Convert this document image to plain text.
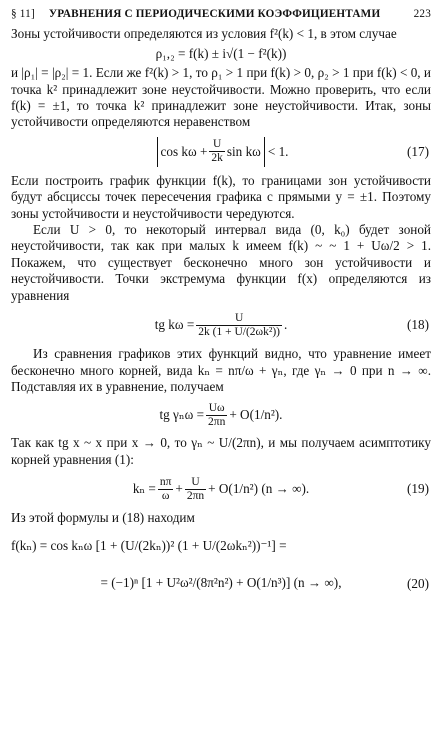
§ 11]	УРАВНЕНИЯ С ПЕРИОДИЧЕСКИМИ КОЭФФИЦИЕНТАМИ	223

Зоны устойчивости определяются из условия f²(k) < 1, в этом случае

ρ₁,₂ = f(k) ± i√(1 − f²(k))

и |ρ₁| = |ρ₂| = 1. Если же f²(k) > 1, то ρ₁ > 1 при f(k) > 0, ρ₂ > 1 при f(k) < 0, и точка k² принадлежит зоне неустойчивости. Можно проверить, что если f(k) = ±1, то точка k² принадлежит зоне неустойчивости. Итак, зоны устойчивости определяются неравенством

$\cos k\omega + \frac{U}{2k}$ sin kω < 1.	(17)

Если построить график функции f(k), то границами зон устойчивости будут абсциссы точек пересечения графика с прямыми y = ±1. Поэтому зоны устойчивости и неустойчивости чередуются.

Если U > 0, то некоторый интервал вида (0, k₀) будет зоной неустойчивости, так как при малых k имеем f(k) ~ ~ 1 + Uω/2 > 1. Покажем, что существует бесконечно много зон устойчивости и неустойчивости. Точки экстремума функции f(x) определяются из уравнения

tg $k\omega = \frac{U}{\text{2k (1 + U/(2ωk²))}}$ .	(18)

Из сравнения графиков этих функций видно, что уравнение имеет бесконечно много корней, вида kₙ = nπ/ω + γₙ, где γₙ → 0 при n → ∞. Подставляя их в уравнение, получаем

tg $\gamma_n\omega = \frac{U\omega}{2\pi n} + O(1/n^2)$.

Так как tg x ~ x при x → 0, то γₙ ~ U/(2πn), и мы получаем асимптотику корней уравнения (1):

$k_n = \frac{n\pi}{\omega} + \frac{U}{2\pi n} + O(1/n^2) (n$ → ∞).	(19)

Из этой формулы и (18) находим

f(kₙ) = cos kₙω [1 + (U/(2kₙ))² (1 + U/(2ωkₙ²))⁻¹] =
= (−1)ⁿ [1 + U²ω²/(8π²n²) + O(1/n³)] (n → ∞),	(20)
